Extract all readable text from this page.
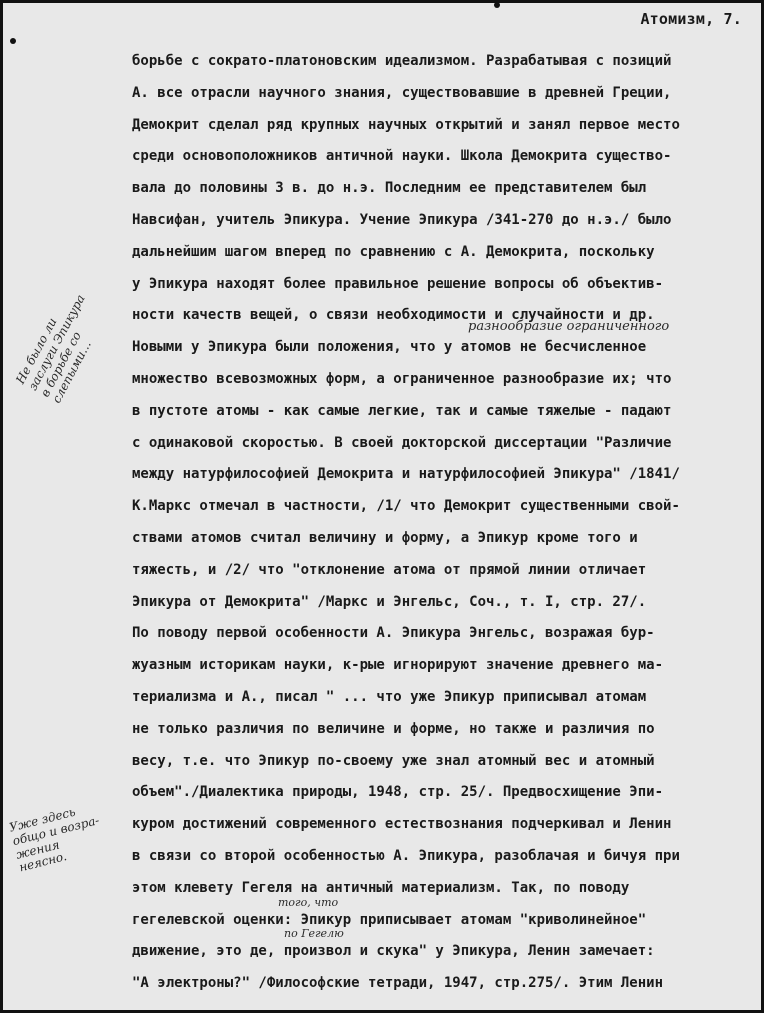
Атомизм, 7.
борьбе с сократо-платоновским идеализмом. Разрабатывая с позиций
А. все отрасли научного знания, существовавшие в древней Греции,
Демокрит сделал ряд крупных научных открытий и занял первое место
среди основоположников античной науки. Школа Демокрита существо-
вала до половины 3 в. до н.э. Последним ее представителем был
Навсифан, учитель Эпикура. Учение Эпикура /341-270 до н.э./ было
дальнейшим шагом вперед по сравнению с А. Демокрита, поскольку
у Эпикура находят более правильное решение вопросы об объектив-
ности качеств вещей, о связи необходимости и случайности и др.
Новыми у Эпикура были положения, что у атомов не бесчисленное
множество всевозможных форм, а ограниченное разнообразие их; что
в пустоте атомы - как самые легкие, так и самые тяжелые - падают
с одинаковой скоростью. В своей докторской диссертации "Различие
между натурфилософией Демокрита и натурфилософией Эпикура" /1841/
К.Маркс отмечал в частности, /1/ что Демокрит существенными свой-
ствами атомов считал величину и форму, а Эпикур кроме того и
тяжесть, и /2/ что "отклонение атома от прямой линии отличает
Эпикура от Демокрита" /Маркс и Энгельс, Соч., т. I, стр. 27/.
По поводу первой особенности А. Эпикура Энгельс, возражая бур-
жуазным историкам науки, к-рые игнорируют значение древнего ма-
териализма и А., писал " ... что уже Эпикур приписывал атомам
не только различия по величине и форме, но также и различия по
весу, т.е. что Эпикур по-своему уже знал атомный вес и атомный
объем"./Диалектика природы, 1948, стр. 25/. Предвосхищение Эпи-
куром достижений современного естествознания подчеркивал и Ленин
в связи со второй особенностью А. Эпикура, разоблачая и бичуя при
этом клевету Гегеля на античный материализм. Так, по поводу
гегелевской оценки: Эпикур приписывает атомам "криволинейное"
движение, это де, произвол и скука" у Эпикура, Ленин замечает:
"А электроны?" /Философские тетради, 1947, стр.275/. Этим Ленин
Не было ли
заслуги Эпикура
в борьбе со
слепыми…
Уже здесь
общо и возра-
жения
неясно.
разнообразие ограниченного
того, что
по Гегелю
